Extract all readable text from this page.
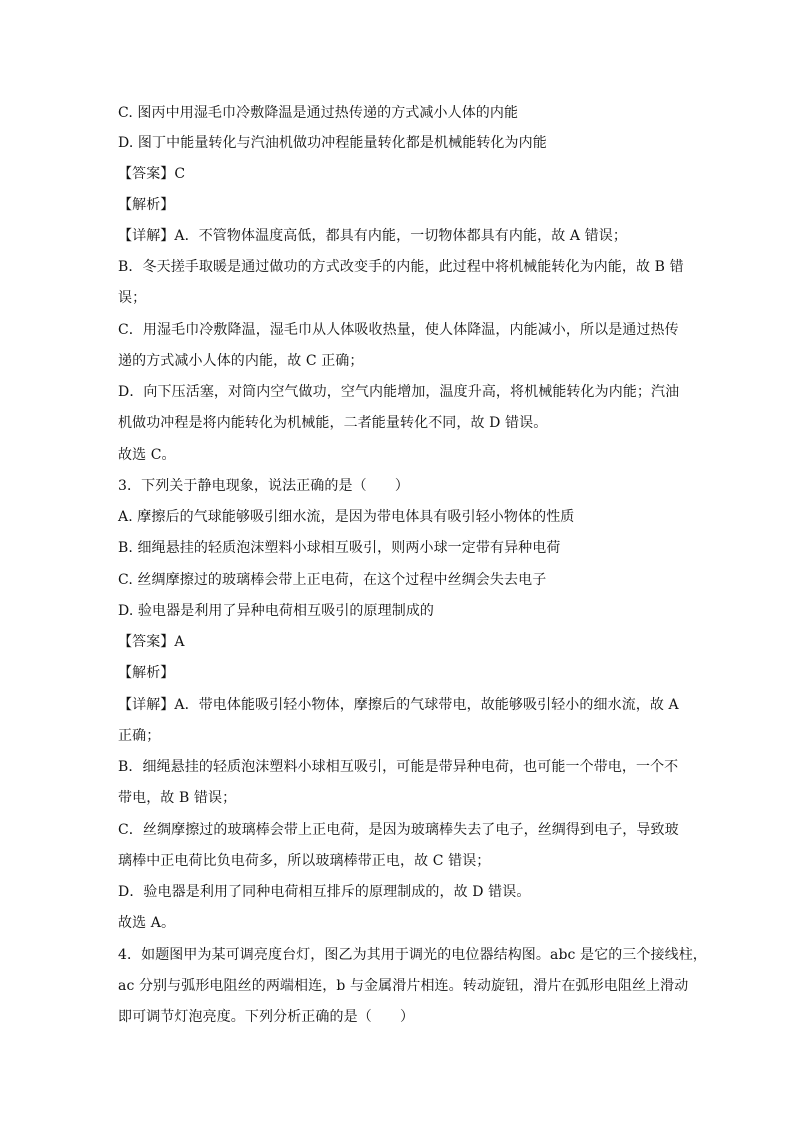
C. 图丙中用湿毛巾冷敷降温是通过热传递的方式减小人体的内能
D. 图丁中能量转化与汽油机做功冲程能量转化都是机械能转化为内能
【答案】C
【解析】
【详解】A．不管物体温度高低，都具有内能，一切物体都具有内能，故 A 错误；
B．冬天搓手取暖是通过做功的方式改变手的内能，此过程中将机械能转化为内能，故 B 错
误；
C．用湿毛巾冷敷降温，湿毛巾从人体吸收热量，使人体降温，内能减小，所以是通过热传
递的方式减小人体的内能，故 C 正确；
D．向下压活塞，对筒内空气做功，空气内能增加，温度升高，将机械能转化为内能；汽油
机做功冲程是将内能转化为机械能，二者能量转化不同，故 D 错误。
故选 C。
3．下列关于静电现象，说法正确的是（　　）
A. 摩擦后的气球能够吸引细水流，是因为带电体具有吸引轻小物体的性质
B. 细绳悬挂的轻质泡沫塑料小球相互吸引，则两小球一定带有异种电荷
C. 丝绸摩擦过的玻璃棒会带上正电荷，在这个过程中丝绸会失去电子
D. 验电器是利用了异种电荷相互吸引的原理制成的
【答案】A
【解析】
【详解】A．带电体能吸引轻小物体，摩擦后的气球带电，故能够吸引轻小的细水流，故 A
正确；
B．细绳悬挂的轻质泡沫塑料小球相互吸引，可能是带异种电荷，也可能一个带电，一个不
带电，故 B 错误；
C．丝绸摩擦过的玻璃棒会带上正电荷，是因为玻璃棒失去了电子，丝绸得到电子，导致玻
璃棒中正电荷比负电荷多，所以玻璃棒带正电，故 C 错误；
D．验电器是利用了同种电荷相互排斥的原理制成的，故 D 错误。
故选 A。
4．如题图甲为某可调亮度台灯，图乙为其用于调光的电位器结构图。abc 是它的三个接线柱，
ac 分别与弧形电阻丝的两端相连，b 与金属滑片相连。转动旋钮，滑片在弧形电阻丝上滑动
即可调节灯泡亮度。下列分析正确的是（　　）
